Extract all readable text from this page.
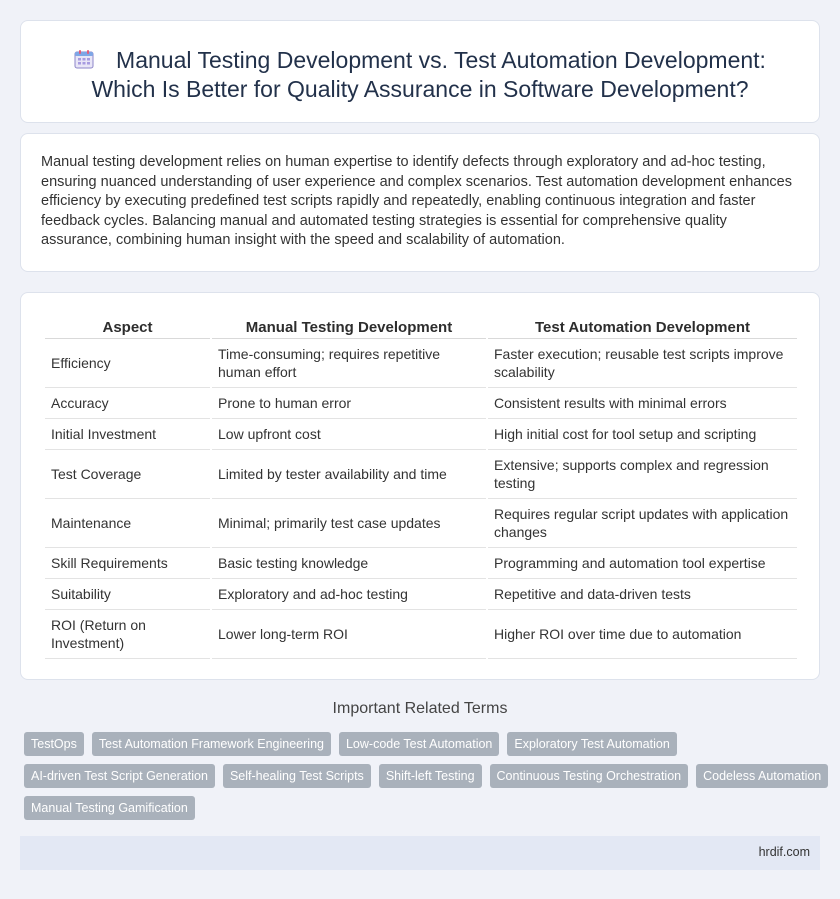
Manual Testing Development vs. Test Automation Development: Which Is Better for Quality Assurance in Software Development?

Manual testing development relies on human expertise to identify defects through exploratory and ad-hoc testing, ensuring nuanced understanding of user experience and complex scenarios. Test automation development enhances efficiency by executing predefined test scripts rapidly and repeatedly, enabling continuous integration and faster feedback cycles. Balancing manual and automated testing strategies is essential for comprehensive quality assurance, combining human insight with the speed and scalability of automation.

Aspect	Manual Testing Development	Test Automation Development
Efficiency	Time-consuming; requires repetitive human effort	Faster execution; reusable test scripts improve scalability
Accuracy	Prone to human error	Consistent results with minimal errors
Initial Investment	Low upfront cost	High initial cost for tool setup and scripting
Test Coverage	Limited by tester availability and time	Extensive; supports complex and regression testing
Maintenance	Minimal; primarily test case updates	Requires regular script updates with application changes
Skill Requirements	Basic testing knowledge	Programming and automation tool expertise
Suitability	Exploratory and ad-hoc testing	Repetitive and data-driven tests
ROI (Return on Investment)	Lower long-term ROI	Higher ROI over time due to automation
Important Related Terms
TestOps	Test Automation Framework Engineering	Low-code Test Automation	Exploratory Test Automation
AI-driven Test Script Generation	Self-healing Test Scripts	Shift-left Testing	Continuous Testing Orchestration	Codeless Automation
Manual Testing Gamification
hrdif.com
